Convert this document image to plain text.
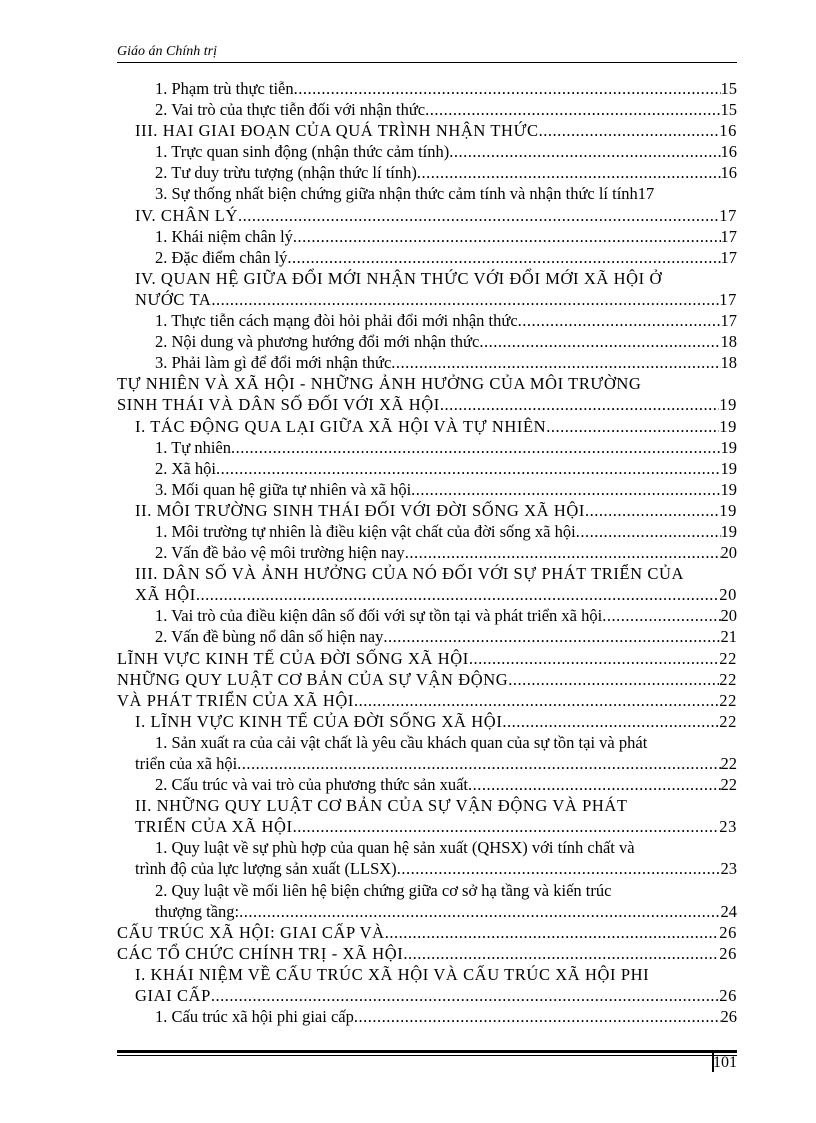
Giáo án Chính trị
1. Phạm trù thực tiễn .....	15
2. Vai trò của thực tiễn đối với nhận thức .....	15
III. HAI GIAI ĐOẠN CỦA QUÁ TRÌNH NHẬN THỨC .....	16
1. Trực quan sinh động (nhận thức cảm tính) .....	16
2. Tư duy trừu tượng (nhận thức lí tính) .....	16
3. Sự thống nhất biện chứng giữa nhận thức cảm tính và nhận thức lí tính 17
IV. CHÂN LÝ .....	17
1. Khái niệm chân lý .....	17
2. Đặc điểm chân lý .....	17
IV. QUAN HỆ GIỮA ĐỔI MỚI NHẬN THỨC VỚI ĐỔI MỚI XÃ HỘI Ở
NƯỚC TA .....	17
1. Thực tiễn cách mạng đòi hỏi phải đổi mới nhận thức .....	17
2. Nội dung và phương hướng đổi mới nhận thức .....	18
3. Phải làm gì để đổi mới nhận thức .....	18
TỰ NHIÊN VÀ XÃ HỘI - NHỮNG ẢNH HƯỞNG CỦA MÔI TRƯỜNG
SINH THÁI VÀ DÂN SỐ ĐỐI VỚI XÃ HỘI .....	19
I. TÁC ĐỘNG QUA LẠI GIỮA XÃ HỘI VÀ TỰ NHIÊN .....	19
1. Tự nhiên .....	19
2. Xã hội .....	19
3. Mối quan hệ giữa tự nhiên và xã hội .....	19
II. MÔI TRƯỜNG SINH THÁI ĐỐI VỚI ĐỜI SỐNG XÃ HỘI .....	19
1. Môi trường tự nhiên là điều kiện vật chất của đời sống xã hội .....	19
2. Vấn đề bảo vệ môi trường hiện nay .....	20
III. DÂN SỐ VÀ ẢNH HƯỞNG CỦA NÓ ĐỐI VỚI SỰ PHÁT TRIỂN CỦA
XÃ HỘI .....	20
1. Vai trò của điều kiện dân số đối với sự tồn tại và phát triển xã hội .....	20
2. Vấn đề bùng nổ dân số hiện nay .....	21
LĨNH VỰC KINH TẾ CỦA ĐỜI SỐNG XÃ HỘI .....	22
NHỮNG QUY LUẬT CƠ BẢN CỦA SỰ VẬN ĐỘNG .....	22
VÀ PHÁT TRIỂN CỦA XÃ HỘI .....	22
I. LĨNH VỰC KINH TẾ CỦA ĐỜI SỐNG XÃ HỘI .....	22
1. Sản xuất ra của cải vật chất là yêu cầu khách quan của sự tồn tại và phát
triển của xã hội .....	22
2. Cấu trúc và vai trò của phương thức sản xuất .....	22
II. NHỮNG QUY LUẬT CƠ BẢN CỦA SỰ VẬN ĐỘNG VÀ PHÁT
TRIỂN CỦA XÃ HỘI .....	23
1. Quy luật về sự phù hợp của quan hệ sản xuất (QHSX) với tính chất và
trình độ của lực lượng sản xuất (LLSX) .....	23
2. Quy luật về mối liên hệ biện chứng giữa cơ sở hạ tầng và kiến trúc
thượng tầng: .....	24
CẤU TRÚC XÃ HỘI: GIAI CẤP VÀ .....	26
CÁC TỔ CHỨC CHÍNH TRỊ - XÃ HỘI .....	26
I. KHÁI NIỆM VỀ CẤU TRÚC XÃ HỘI VÀ CẤU TRÚC XÃ HỘI PHI
GIAI CẤP .....	26
1. Cấu trúc xã hội phi giai cấp .....	26
101
